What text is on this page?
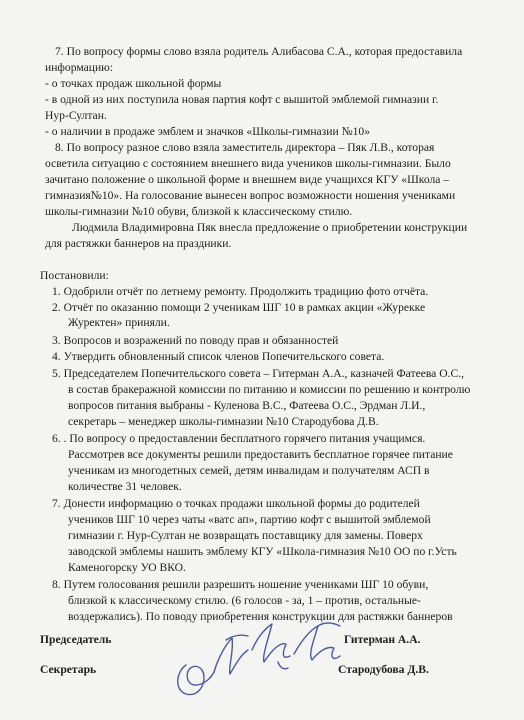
7. По вопросу формы слово взяла родитель Алибасова С.А., которая предоставила
информацию:
- о точках продаж школьной формы
- в одной из них поступила новая партия кофт с вышитой эмблемой гимназии г.
Нур-Султан.
- о наличии в продаже эмблем и значков «Школы-гимназии №10»
8. По вопросу разное слово взяла заместитель директора – Пяк Л.В., которая
осветила ситуацию с состоянием внешнего вида учеников школы-гимназии. Было
зачитано положение о школьной форме и внешнем виде учащихся КГУ «Школа –
гимназия№10». На голосование вынесен вопрос возможности ношения учениками
школы-гимназии №10 обуви, близкой к классическому стилю.
Людмила Владимировна Пяк внесла предложение о приобретении конструкции
для растяжки баннеров на праздники.
Постановили:
1. Одобрили отчёт по летнему ремонту. Продолжить традицию фото отчёта.
2. Отчёт по оказанию помощи 2 ученикам ШГ 10 в рамках акции «Журекке
Журектен» приняли.
3. Вопросов и возражений по поводу прав и обязанностей
4. Утвердить обновленный список членов Попечительского совета.
5. Председателем Попечительского совета – Гитерман А.А., казначей Фатеева О.С.,
в состав бракеражной комиссии по питанию и комиссии по решению и контролю
вопросов питания выбраны - Куленова В.С., Фатеева О.С., Эрдман Л.И.,
секретарь – менеджер школы-гимназии №10 Стародубова Д.В.
6. . По вопросу о предоставлении бесплатного горячего питания учащимся.
Рассмотрев все документы решили предоставить бесплатное горячее питание
ученикам из многодетных семей, детям инвалидам и получателям АСП в
количестве 31 человек.
7. Донести информацию о точках продажи школьной формы до родителей
учеников ШГ 10 через чаты «ватс ап», партию кофт с вышитой эмблемой
гимназии г. Нур-Султан не возвращать поставщику для замены. Поверх
заводской эмблемы нашить эмблему КГУ «Школа-гимназия №10 ОО по г.Усть
Каменогорску УО ВКО.
8. Путем голосования решили разрешить ношение учениками ШГ 10 обуви,
близкой к классическому стилю. (6 голосов - за, 1 – против, остальные-
воздержались). По поводу приобретения конструкции для растяжки баннеров
Председатель	Гитерман А.А.
Секретарь	Стародубова Д.В.
